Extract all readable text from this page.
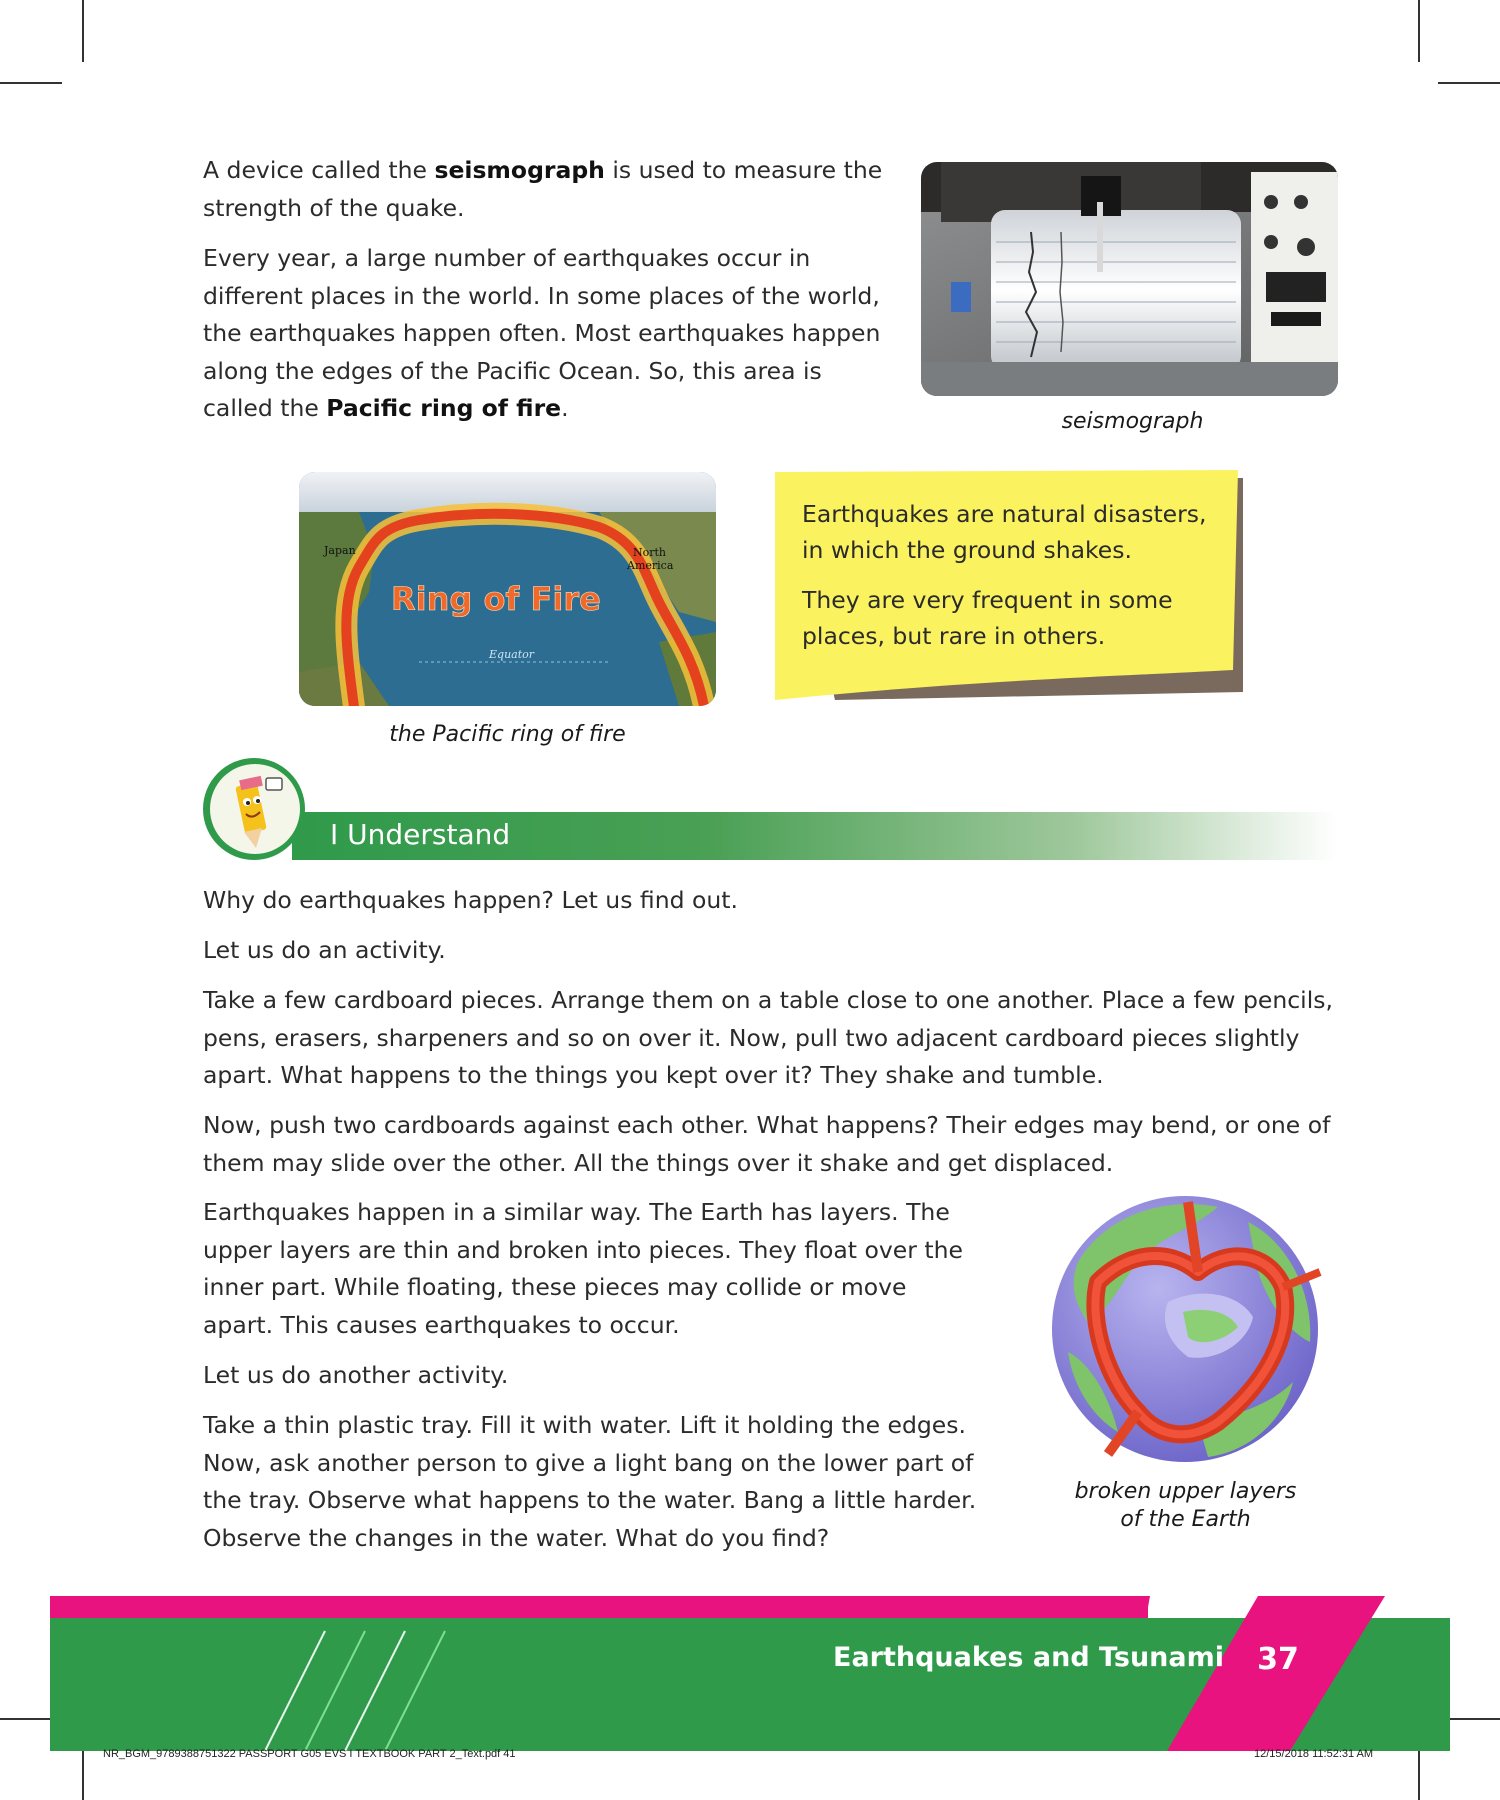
A device called the seismograph is used to measure the strength of the quake.

Every year, a large number of earthquakes occur in different places in the world. In some places of the world, the earthquakes happen often. Most earthquakes happen along the edges of the Pacific Ocean. So, this area is called the Pacific ring of fire.	seismograph
Ring of Fire
Japan	North
America
Equator
the Pacific ring of fire

Earthquakes are natural disasters, in which the ground shakes.

They are very frequent in some places, but rare in others.

I Understand

Why do earthquakes happen? Let us find out.

Let us do an activity.

Take a few cardboard pieces. Arrange them on a table close to one another. Place a few pencils, pens, erasers, sharpeners and so on over it. Now, pull two adjacent cardboard pieces slightly apart. What happens to the things you kept over it? They shake and tumble.

Now, push two cardboards against each other. What happens? Their edges may bend, or one of them may slide over the other. All the things over it shake and get displaced.

Earthquakes happen in a similar way. The Earth has layers. The upper layers are thin and broken into pieces. They float over the inner part. While floating, these pieces may collide or move apart. This causes earthquakes to occur.

Let us do another activity.

Take a thin plastic tray. Fill it with water. Lift it holding the edges. Now, ask another person to give a light bang on the lower part of the tray. Observe what happens to the water. Bang a little harder. Observe the changes in the water. What do you find?

broken upper layers
of the Earth
Earthquakes and Tsunami	37
NR_BGM_9789388751322 PASSPORT G05 EVS I TEXTBOOK PART 2_Text.pdf 41	12/15/2018 11:52:31 AM
